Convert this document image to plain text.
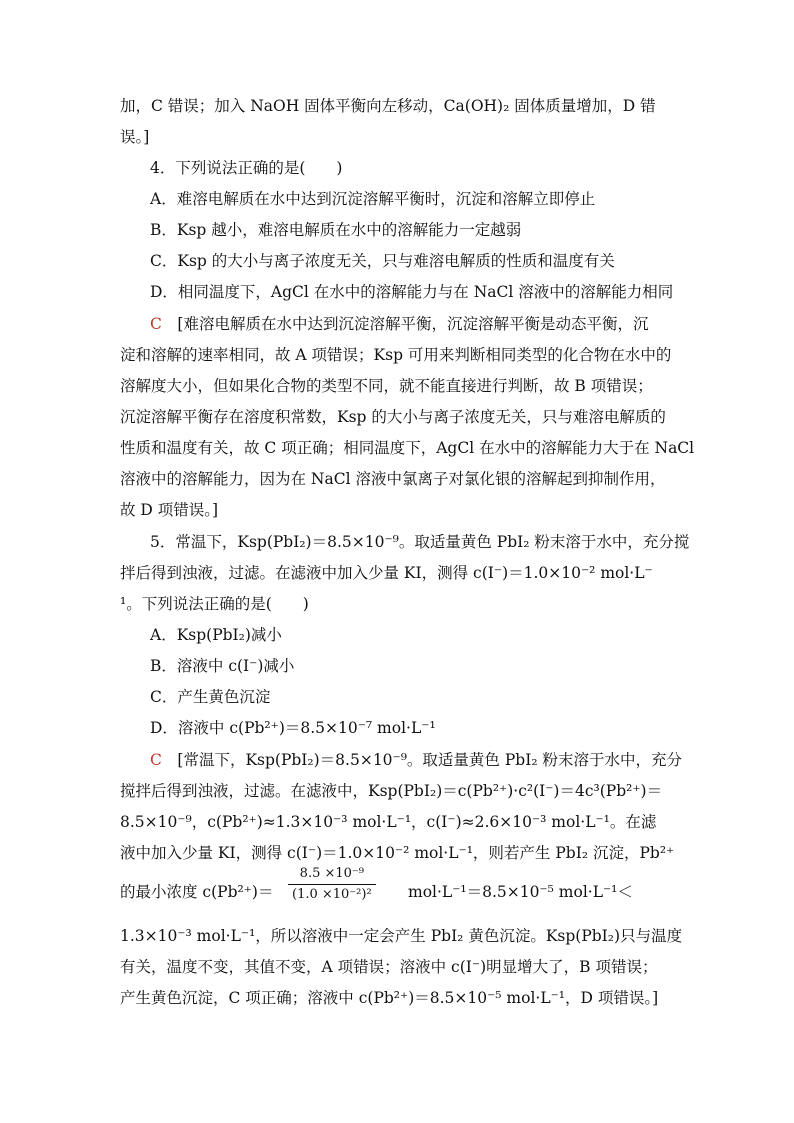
加，C 错误；加入 NaOH 固体平衡向左移动，Ca(OH)₂ 固体质量增加，D 错
误。]
4．下列说法正确的是(　　)
A．难溶电解质在水中达到沉淀溶解平衡时，沉淀和溶解立即停止
B．Ksp 越小，难溶电解质在水中的溶解能力一定越弱
C．Ksp 的大小与离子浓度无关，只与难溶电解质的性质和温度有关
D．相同温度下，AgCl 在水中的溶解能力与在 NaCl 溶液中的溶解能力相同
C　 [难溶电解质在水中达到沉淀溶解平衡，沉淀溶解平衡是动态平衡，沉
淀和溶解的速率相同，故 A 项错误；Ksp 可用来判断相同类型的化合物在水中的
溶解度大小，但如果化合物的类型不同，就不能直接进行判断，故 B 项错误；
沉淀溶解平衡存在溶度积常数，Ksp 的大小与离子浓度无关，只与难溶电解质的
性质和温度有关，故 C 项正确；相同温度下，AgCl 在水中的溶解能力大于在 NaCl
溶液中的溶解能力，因为在 NaCl 溶液中氯离子对氯化银的溶解起到抑制作用，
故 D 项错误。]
5．常温下，Ksp(PbI₂)＝8.5×10⁻⁹。取适量黄色 PbI₂ 粉末溶于水中，充分搅
拌后得到浊液，过滤。在滤液中加入少量 KI，测得 c(I⁻)＝1.0×10⁻² mol·L⁻
¹。下列说法正确的是(　　)
A．Ksp(PbI₂)减小
B．溶液中 c(I⁻)减小
C．产生黄色沉淀
D．溶液中 c(Pb²⁺)＝8.5×10⁻⁷ mol·L⁻¹
C　 [常温下，Ksp(PbI₂)＝8.5×10⁻⁹。取适量黄色 PbI₂ 粉末溶于水中，充分
搅拌后得到浊液，过滤。在滤液中，Ksp(PbI₂)＝c(Pb²⁺)·c²(I⁻)＝4c³(Pb²⁺)＝
8.5×10⁻⁹，c(Pb²⁺)≈1.3×10⁻³ mol·L⁻¹，c(I⁻)≈2.6×10⁻³ mol·L⁻¹。在滤
液中加入少量 KI，测得 c(I⁻)＝1.0×10⁻² mol·L⁻¹，则若产生 PbI₂ 沉淀，Pb²⁺
的最小浓度 c(Pb²⁺)＝
8.5 ×10⁻⁹
(1.0 ×10⁻²)² mol·L⁻¹＝8.5×10⁻⁵ mol·L⁻¹＜
1.3×10⁻³ mol·L⁻¹，所以溶液中一定会产生 PbI₂ 黄色沉淀。Ksp(PbI₂)只与温度
有关，温度不变，其值不变，A 项错误；溶液中 c(I⁻)明显增大了，B 项错误；
产生黄色沉淀，C 项正确；溶液中 c(Pb²⁺)＝8.5×10⁻⁵ mol·L⁻¹，D 项错误。]
